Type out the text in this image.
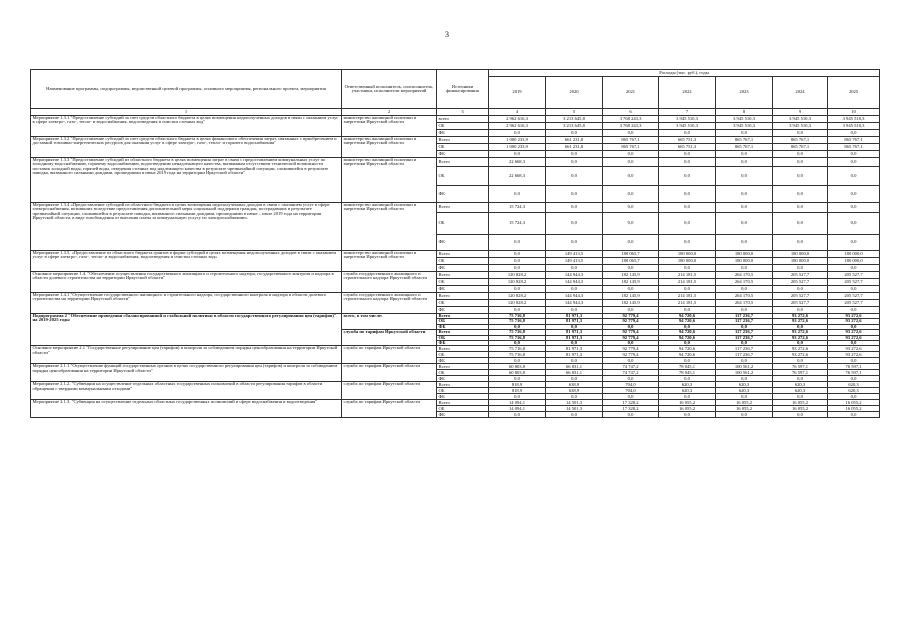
3
Наименование программы, подпрограммы, ведомственной целевой программы, основного мероприятия, регионального проекта, мероприятия	Ответственный исполнитель, соисполнитель, участники, исполнители мероприятий	Источники финансирования	Расходы (тыс. руб.), годы						
			2019	2020	2021	2022	2023	2024	2025
1	2	3	4	5	6	7	8	9	10
Мероприятие 1.3.1 "Предоставление субсидий за счет средств областного бюджета в целях возмещения недополученных доходов в связи с оказанием услуг в сфере электро-, газо-, тепло- и водоснабжения, водоотведения и очистки сточных вод"	министерство жилищной политики и энергетики Иркутской области	всего	2 962 616,3	3 213 645,8	3 768 243,3	3 945 510,3	3 945 510,3	3 945 510,3	3 945 510,3
		ОБ	2 962 616,3	3 213 645,8	3 768 243,3	3 945 510,3	3 945 510,3	3 945 510,3	3 945 510,3
		ФБ	0,0	0,0	0,0	0,0	0,0	0,0	0,0
Мероприятие 1.3.2 "Предоставление субсидий за счет средств областного бюджета в целях финансового обеспечения затрат, связанных с приобретением и доставкой топливно-энергетических ресурсов для оказания услуг в сфере электро-, газо-, тепло- и горячего водоснабжения"	министерство жилищной политики и энергетики Иркутской области	Всего	1 000 233,9	661 231,8	865 767,1	665 751,3	865 767,1	865 767,1	865 767,1
		ОБ	1 000 233,9	661 231,8	865 767,1	665 751,3	865 767,1	865 767,1	865 767,1
		ФБ	0,0	0,0	0,0	0,0	0,0	0,0	0,0
Мероприятие 1.3.3 "Предоставление субсидий из областного бюджета в целях возмещения затрат в связи с предоставлением коммунальных услуг по холодному водоснабжению, горячему водоснабжению, водоотведению ненадлежащего качества, вызванным отсутствием технической возможности поставок холодной воды, горячей воды, отведения сточных вод надлежащего качества в результате чрезвычайной ситуации, сложившейся в результате паводка, вызванного сильными дождями, прошедшими в июне 2019 года на территории Иркутской области"	министерство жилищной политики и энергетики Иркутской области	Всего	22 668,3	0,0	0,0	0,0	0,0	0,0	0,0
		ОБ	22 668,3	0,0	0,0	0,0	0,0	0,0	0,0
		ФБ	0,0	0,0	0,0	0,0	0,0	0,0	0,0
Мероприятие 1.3.4 «Предоставление субсидий из областного бюджета в целях возмещения недополученных доходов в связи с оказанием услуг в сфере электроснабжения, возникших вследствие предоставления дополнительной меры социальной поддержки граждан, пострадавших в результате чрезвычайной ситуации, сложившейся в результате паводка, вызванного сильными дождями, прошедшими в июне – июле 2019 года на территории Иркутской области, в виде освобождения от внесения платы за коммунальную услугу по электроснабжению»	министерство жилищной политики и энергетики Иркутской области	Всего	15 724,3	0,0	0,0	0,0	0,0	0,0	0,0
		ОБ	15 724,3	0,0	0,0	0,0	0,0	0,0	0,0
		ФБ	0,0	0,0	0,0	0,0	0,0	0,0	0,0
Мероприятие 1.3.5. «Предоставление из областного бюджета грантов в форме субсидий в целях возмещения недополученных доходов в связи с оказанием услуг в сфере электро-, газо-, тепло- и водоснабжения, водоотведения и очистки сточных вод»	министерство жилищной политики и энергетики Иркутской области	Всего	0,0	149 413,5	180 065,7	180 000,0	180 000,0	180 000,0	180 000,0
		ОБ	0,0	149 413,5	180 065,7	180 000,0	180 000,0	180 000,0	180 000,0
		ФБ	0,0	0,0	0,0	0,0	0,0	0,0	0,0
Основное мероприятие 1.4. "Обеспечение осуществления государственного жилищного и строительного надзора, государственного контроля и надзора в области долевого строительства на территории Иркутской области"	служба государственного жилищного и строительного надзора Иркутской области	Всего	120 828,2	144 944,3	182 145,9	214 181,5	264 170,5	205 527,7	205 527,7
		ОБ	120 828,2	144 944,3	182 145,9	214 181,5	264 170,5	205 527,7	205 527,7
		ФБ	0,0	0,0	0,0	0,0	0,0	0,0	0,0
Мероприятие 1.4.1 "Осуществление государственного жилищного и строительного надзора, государственного контроля и надзора в области долевого строительства на территории Иркутской области"	служба государственного жилищного и строительного надзора Иркутской области	Всего	120 828,2	144 944,3	182 145,9	214 181,5	264 170,5	205 527,7	205 527,7
		ОБ	120 828,2	144 944,3	182 145,9	214 181,5	264 170,5	205 527,7	205 527,7
		ФБ	0,0	0,0	0,0	0,0	0,0	0,0	0,0
Подпрограмма 2 "Обеспечение проведения сбалансированной и стабильной политики в области государственного регулирования цен (тарифов)" на 2019-2025 годы	всего, в том числе:	Всего	75 716,8	81 971,3	92 779,4	94 720,6	117 236,7	93 272,6	93 272,6
		ОБ	75 716,8	81 971,3	92 779,4	94 720,6	117 236,7	93 272,6	93 272,6
		ФБ	0,0	0,0	0,0	0,0	0,0	0,0	0,0
	служба по тарифам Иркутской области	Всего	75 716,8	81 971,3	92 779,4	94 720,6	117 236,7	93 272,6	93 272,6
		ОБ	75 716,8	81 971,3	92 779,4	94 720,6	117 236,7	93 272,6	93 272,6
		ФБ	0,0	0,0	0,0	0,0	0,0	0,0	0,0
Основное мероприятие 2.1 "Государственное регулирование цен (тарифов) и контроля за соблюдением порядка ценообразования на территории Иркутской области"	служба по тарифам Иркутской области	Всего	75 716,8	81 971,3	92 779,4	94 720,6	117 236,7	93 272,6	93 272,6
		ОБ	75 716,8	81 971,3	92 779,4	94 720,6	117 236,7	93 272,6	93 272,6
		ФБ	0,0	0,0	0,0	0,0	0,0	0,0	0,0
Мероприятие 2.1.1."Осуществление функций государственных органов в целях государственного регулирования цен (тарифов) и контроля за соблюдением порядка ценообразования на территории Иркутской области"	служба по тарифам Иркутской области	Всего	60 803,8	66 831,1	74 747,2	78 045,1	100 561,2	76 597,1	76 597,1
		ОБ	60 803,8	66 831,1	74 747,2	78 045,1	100 561,2	76 597,1	76 597,1
		ФБ	0,0	0,0	0,0	0,0	0,0	0,0	0,0
Мероприятие 2.1.2. "Субвенции на осуществление отдельных областных государственных полномочий в области регулирования тарифов в области обращения с твердыми коммунальными отходами"	служба по тарифам Иркутской области	Всего	818,9	638,9	704,0	620,3	620,3	620,3	620,3
		ОБ	818,9	638,9	704,0	620,3	620,3	620,3	620,3
		ФБ	0,0	0,0	0,0	0,0	0,0	0,0	0,0
Мероприятие 2.1.3. "Субвенция на осуществление отдельных областных государственных полномочий в сфере водоснабжения и водоотведения"	служба по тарифам Иркутской области	Всего	14 094,1	14 501,3	17 328,2	16 055,2	16 055,2	16 055,2	16 055,2
		ОБ	14 094,1	14 501,3	17 328,2	16 055,2	16 055,2	16 055,2	16 055,2
		ФБ	0,0	0,0	0,0	0,0	0,0	0,0	0,0
